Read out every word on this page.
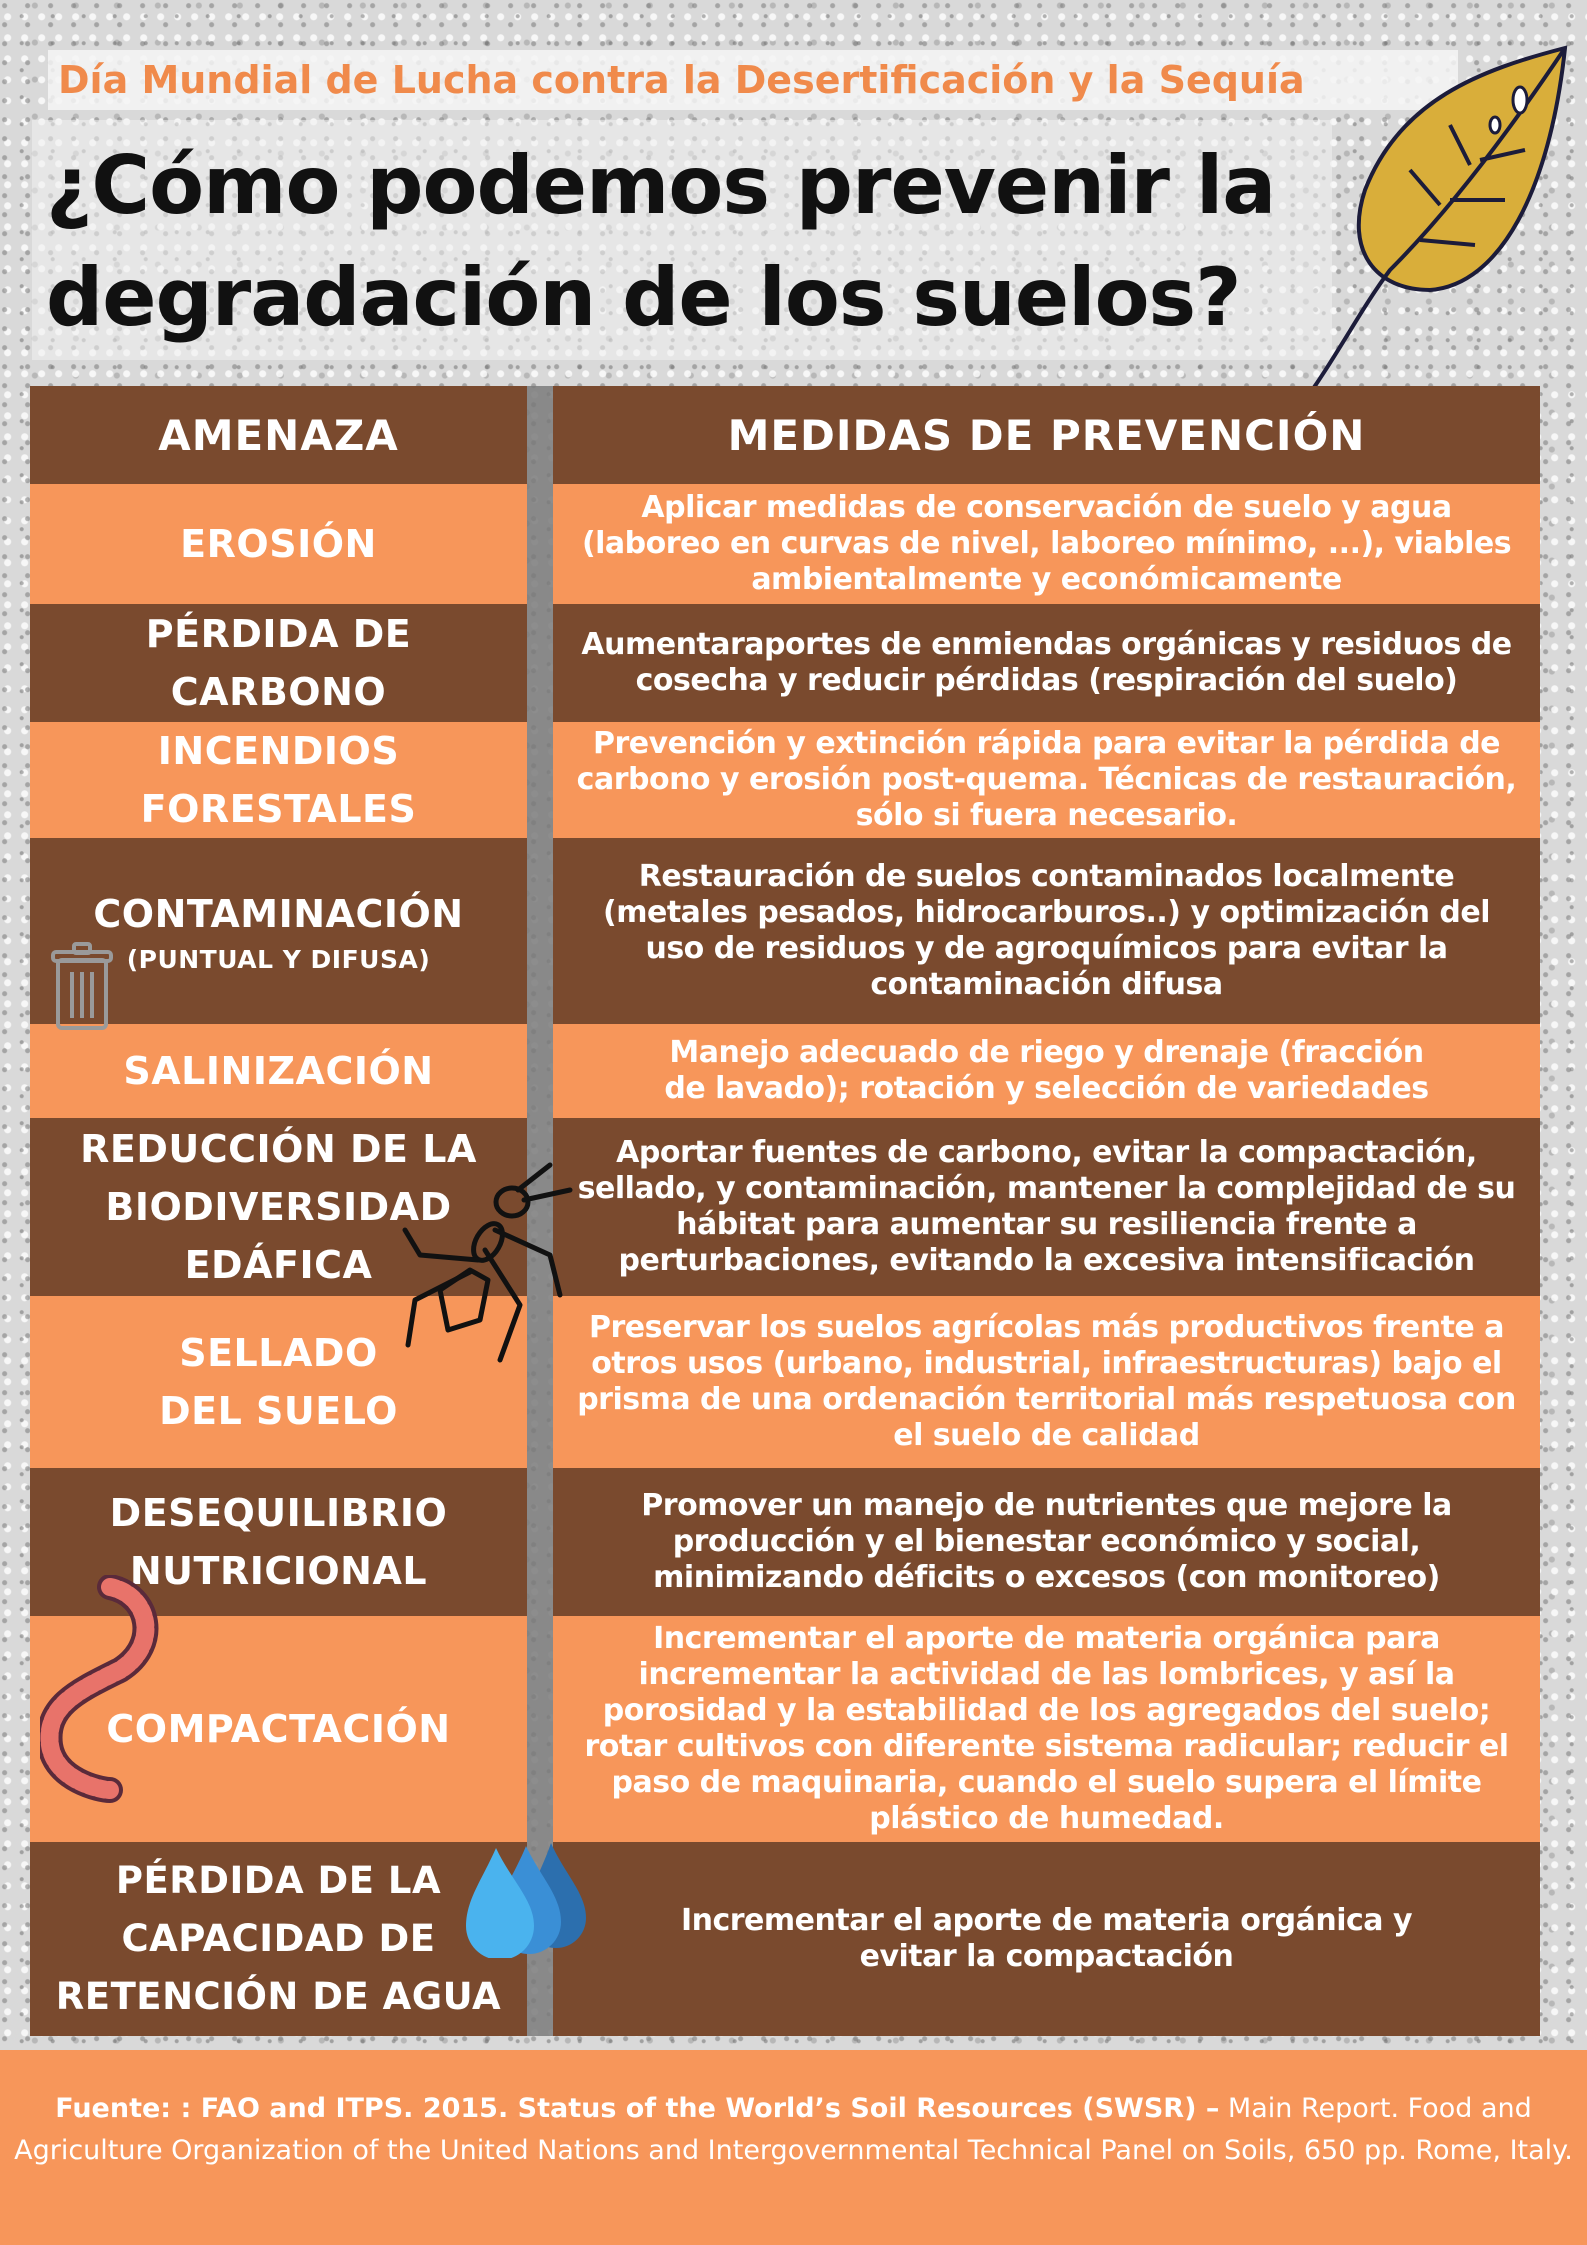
Día Mundial de Lucha contra la Desertificación y la Sequía
¿Cómo podemos prevenir la
degradación de los suelos?
AMENAZA	MEDIDAS DE PREVENCIÓN
EROSIÓN
Aplicar medidas de conservación de suelo y agua (laboreo en curvas de nivel, laboreo mínimo, ...), viables ambientalmente y económicamente
PÉRDIDA DE CARBONO
Aumentaraportes de enmiendas orgánicas y residuos de cosecha y reducir pérdidas (respiración del suelo)
INCENDIOS FORESTALES
Prevención y extinción rápida para evitar la pérdida de carbono y erosión post-quema. Técnicas de restauración, sólo si fuera necesario.
CONTAMINACIÓN
(PUNTUAL Y DIFUSA)
Restauración de suelos contaminados localmente (metales pesados, hidrocarburos..) y optimización del uso de residuos y de agroquímicos para evitar la contaminación difusa
SALINIZACIÓN	Manejo adecuado de riego y drenaje (fracción de lavado); rotación y selección de variedades
REDUCCIÓN DE LA BIODIVERSIDAD EDÁFICA
Aportar fuentes de carbono, evitar la compactación, sellado, y contaminación, mantener la complejidad de su hábitat para aumentar su resiliencia frente a perturbaciones, evitando la excesiva intensificación
SELLADO DEL SUELO
Preservar los suelos agrícolas más productivos frente a otros usos (urbano, industrial, infraestructuras) bajo el prisma de una ordenación territorial más respetuosa con el suelo de calidad
DESEQUILIBRIO NUTRICIONAL
Promover un manejo de nutrientes que mejore la producción y el bienestar económico y social, minimizando déficits o excesos (con monitoreo)
COMPACTACIÓN
Incrementar el aporte de materia orgánica para incrementar la actividad de las lombrices, y así la porosidad y la estabilidad de los agregados del suelo; rotar cultivos con diferente sistema radicular; reducir el paso de maquinaria, cuando el suelo supera el límite plástico de humedad.
PÉRDIDA DE LA CAPACIDAD DE RETENCIÓN DE AGUA
Incrementar el aporte de materia orgánica y evitar la compactación
Fuente: : FAO and ITPS. 2015. Status of the World’s Soil Resources (SWSR) – Main Report. Food and Agriculture Organization of the United Nations and Intergovernmental Technical Panel on Soils, 650 pp. Rome, Italy.
